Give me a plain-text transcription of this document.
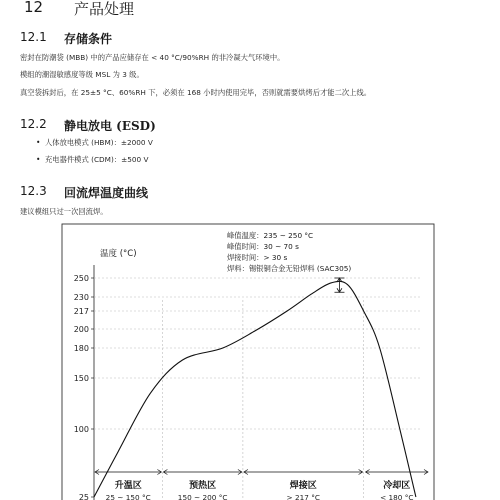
12 产品处理
12.1 存储条件
密封在防潮袋 (MBB) 中的产品应储存在 < 40 °C/90%RH 的非冷凝大气环境中。
模组的潮湿敏感度等级 MSL 为 3 级。
真空袋拆封后，在 25±5 °C、60%RH 下，必须在 168 小时内使用完毕，否则就需要烘烤后才能二次上线。
12.2 静电放电 (ESD)
• 人体放电模式 (HBM)：±2000 V
• 充电器件模式 (CDM)：±500 V
12.3 回流焊温度曲线
建议模组只过一次回流焊。
温度 (°C)
25
100
150
180
200
217
230
250
峰值温度：235 ~ 250 °C
峰值时间：30 ~ 70 s
焊接时间：> 30 s
焊料：锡银铜合金无铅焊料 (SAC305)
升温区
25 ~ 150 °C
预热区
150 ~ 200 °C
焊接区
> 217 °C
冷却区
< 180 °C
